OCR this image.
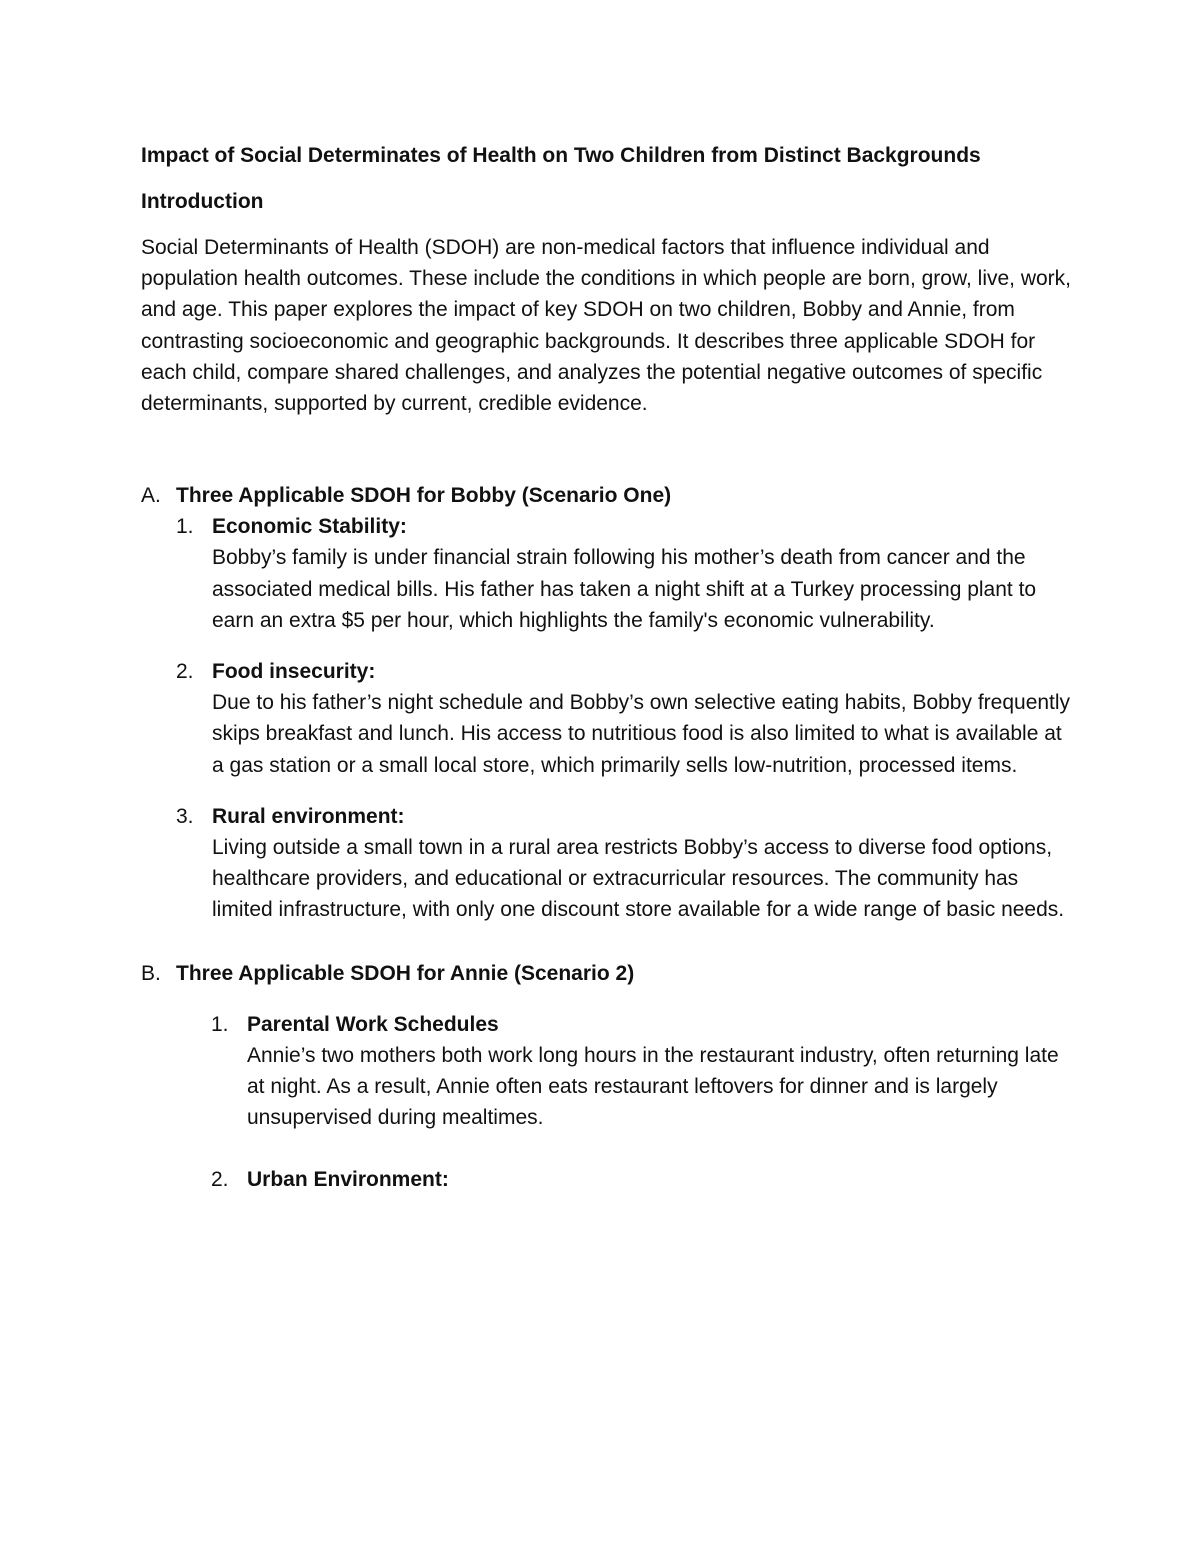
Impact of Social Determinates of Health on Two Children from Distinct Backgrounds

Introduction

Social Determinants of Health (SDOH) are non-medical factors that influence individual and population health outcomes. These include the conditions in which people are born, grow, live, work, and age. This paper explores the impact of key SDOH on two children, Bobby and Annie, from contrasting socioeconomic and geographic backgrounds. It describes three applicable SDOH for each child, compare shared challenges, and analyzes the potential negative outcomes of specific determinants, supported by current, credible evidence.

A. Three Applicable SDOH for Bobby (Scenario One)
1. Economic Stability:
Bobby’s family is under financial strain following his mother’s death from cancer and the associated medical bills. His father has taken a night shift at a Turkey processing plant to earn an extra $5 per hour, which highlights the family's economic vulnerability.
2. Food insecurity:
Due to his father’s night schedule and Bobby’s own selective eating habits, Bobby frequently skips breakfast and lunch. His access to nutritious food is also limited to what is available at a gas station or a small local store, which primarily sells low-nutrition, processed items.
3. Rural environment:
Living outside a small town in a rural area restricts Bobby’s access to diverse food options, healthcare providers, and educational or extracurricular resources. The community has limited infrastructure, with only one discount store available for a wide range of basic needs.
B. Three Applicable SDOH for Annie (Scenario 2)
1. Parental Work Schedules
Annie’s two mothers both work long hours in the restaurant industry, often returning late at night. As a result, Annie often eats restaurant leftovers for dinner and is largely unsupervised during mealtimes.
2. Urban Environment:
